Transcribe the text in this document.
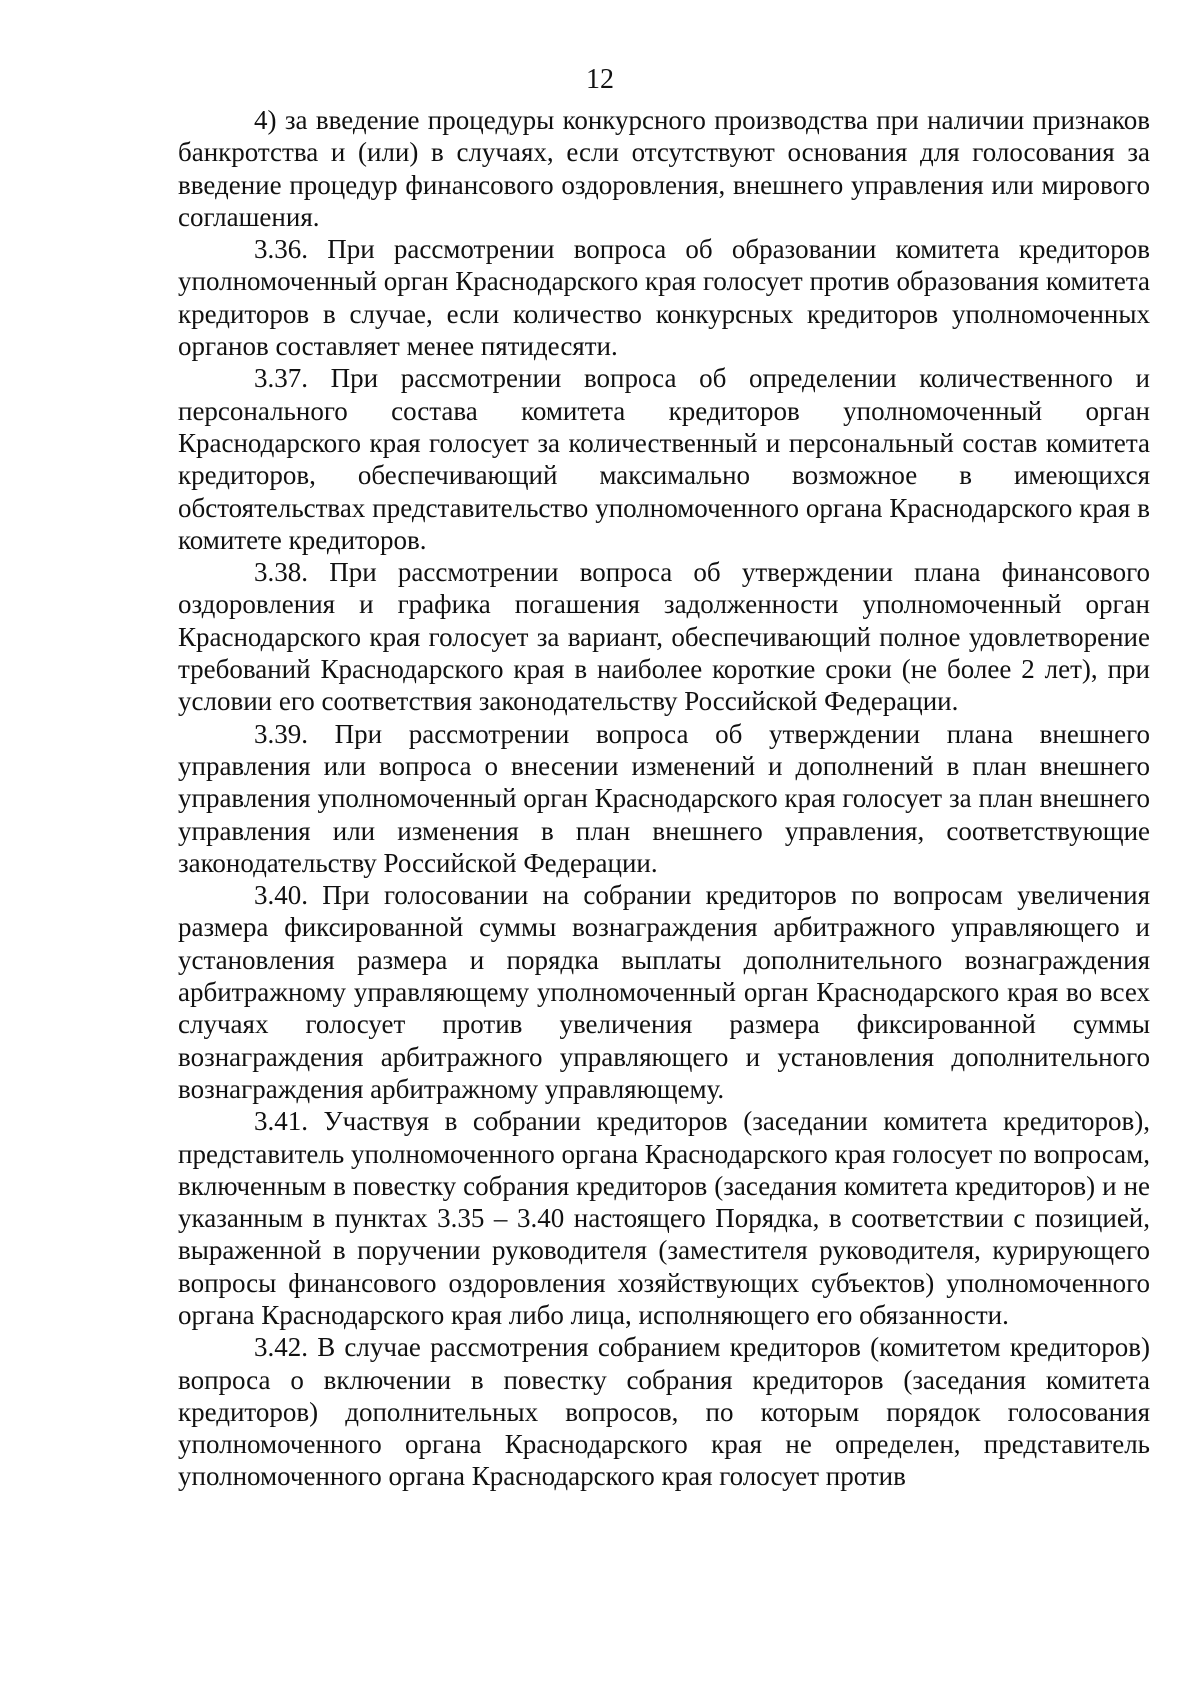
12

4) за введение процедуры конкурсного производства при наличии признаков банкротства и (или) в случаях, если отсутствуют основания для голосования за введение процедур финансового оздоровления, внешнего управления или мирового соглашения.

3.36. При рассмотрении вопроса об образовании комитета кредиторов уполномоченный орган Краснодарского края голосует против образования комитета кредиторов в случае, если количество конкурсных кредиторов уполномоченных органов составляет менее пятидесяти.

3.37. При рассмотрении вопроса об определении количественного и персонального состава комитета кредиторов уполномоченный орган Краснодарского края голосует за количественный и персональный состав комитета кредиторов, обеспечивающий максимально возможное в имеющихся обстоятельствах представительство уполномоченного органа Краснодарского края в комитете кредиторов.

3.38. При рассмотрении вопроса об утверждении плана финансового оздоровления и графика погашения задолженности уполномоченный орган Краснодарского края голосует за вариант, обеспечивающий полное удовлетворение требований Краснодарского края в наиболее короткие сроки (не более 2 лет), при условии его соответствия законодательству Российской Федерации.

3.39. При рассмотрении вопроса об утверждении плана внешнего управления или вопроса о внесении изменений и дополнений в план внешнего управления уполномоченный орган Краснодарского края голосует за план внешнего управления или изменения в план внешнего управления, соответствующие законодательству Российской Федерации.

3.40. При голосовании на собрании кредиторов по вопросам увеличения размера фиксированной суммы вознаграждения арбитражного управляющего и установления размера и порядка выплаты дополнительного вознаграждения арбитражному управляющему уполномоченный орган Краснодарского края во всех случаях голосует против увеличения размера фиксированной суммы вознаграждения арбитражного управляющего и установления дополнительного вознаграждения арбитражному управляющему.

3.41. Участвуя в собрании кредиторов (заседании комитета кредиторов), представитель уполномоченного органа Краснодарского края голосует по вопросам, включенным в повестку собрания кредиторов (заседания комитета кредиторов) и не указанным в пунктах 3.35 – 3.40 настоящего Порядка, в соответствии с позицией, выраженной в поручении руководителя (заместителя руководителя, курирующего вопросы финансового оздоровления хозяйствующих субъектов) уполномоченного органа Краснодарского края либо лица, исполняющего его обязанности.

3.42. В случае рассмотрения собранием кредиторов (комитетом кредиторов) вопроса о включении в повестку собрания кредиторов (заседания комитета кредиторов) дополнительных вопросов, по которым порядок голосования уполномоченного органа Краснодарского края не определен, представитель уполномоченного органа Краснодарского края голосует против
